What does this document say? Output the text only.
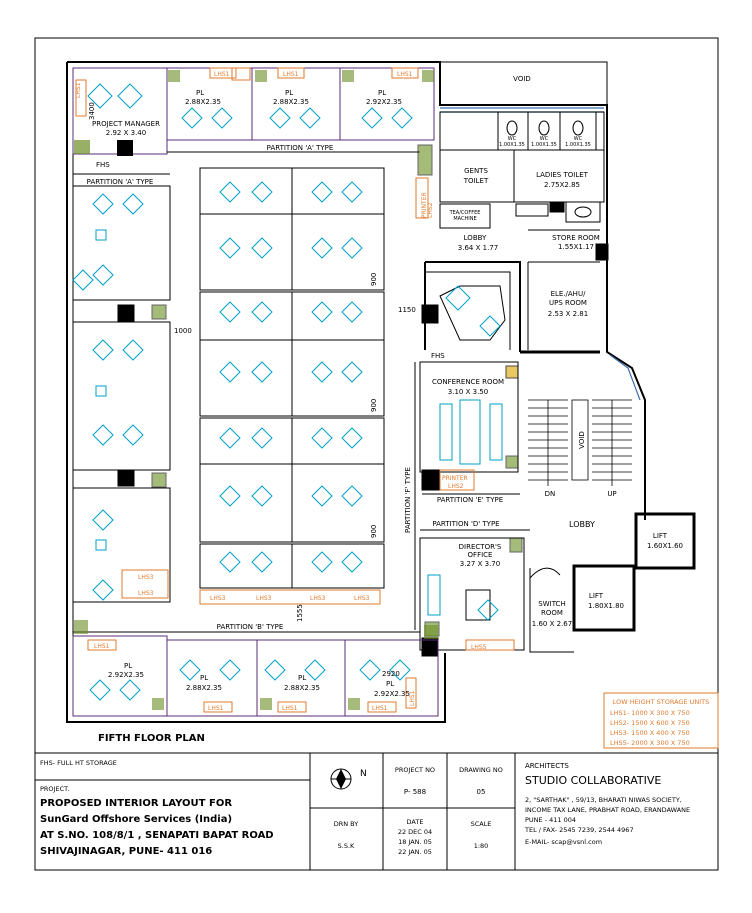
VOID
LHS1
PROJECT MANAGER
2.92 X 3.40
3400
PL
2.88X2.35
PL
2.88X2.35
PL
2.92X2.35
LHS1	LHS1	LHS1
PARTITION 'A' TYPE
PARTITION 'A' TYPE
FHS
LHS3
LHS3
1000
LHS3	LHS3	LHS3	LHS3
900
900
900
1150
1555
PARTITION 'F' TYPE
PARTITION 'B' TYPE
FHS
CONFERENCE ROOM
3.10 X 3.50
PRINTER
LHS2
PARTITION 'E' TYPE
PARTITION 'D' TYPE
DIRECTOR'S
OFFICE
3.27 X 3.70
LHS5
WC
1.00X1.35
WC
1.00X1.35
WC
1.00X1.35
GENTS
TOILET
LADIES TOILET
2.75X2.85
PRINTER LHS2	TEA/COFFEE
MACHINE
LOBBY
3.64 X 1.77
STORE ROOM
1.55X1.17
ELE./AHU/
UPS ROOM
2.53 X 2.81
VOID
DN	UP
LOBBY
LIFT
1.60X1.60
LIFT
1.80X1.80
SWITCH
ROOM
1.60 X 2.67
LHS1
LHS1	LHS1	LHS1
LHS1
PL
2.92X2.35	PL
2.88X2.35
PL
2.88X2.35	PL
2.92X2.35
2920
LOW HEIGHT STORAGE UNITS
LHS1- 1000 X 300 X 750
LHS2- 1500 X 600 X 750
LHS3- 1500 X 400 X 750
LHS5- 2000 X 300 X 750
FIFTH FLOOR PLAN
FHS- FULL HT STORAGE
PROJECT.
PROPOSED INTERIOR LAYOUT FOR
SunGard Offshore Services (India)
AT S.NO. 108/8/1 , SENAPATI BAPAT ROAD
SHIVAJINAGAR, PUNE- 411 016
N	PROJECT NO
P- 588
DRAWING NO
05
DRN BY
S.S.K
DATE
22 DEC 04
18 JAN. 05
22 JAN. 05
SCALE
1:80
ARCHITECTS
STUDIO COLLABORATIVE
2, "SARTHAK" , 59/13, BHARATI NIWAS SOCIETY,
INCOME TAX LANE, PRABHAT ROAD, ERANDAWANE
PUNE - 411 004
TEL / FAX- 2545 7239, 2544 4967
E-MAIL- scap@vsnl.com
